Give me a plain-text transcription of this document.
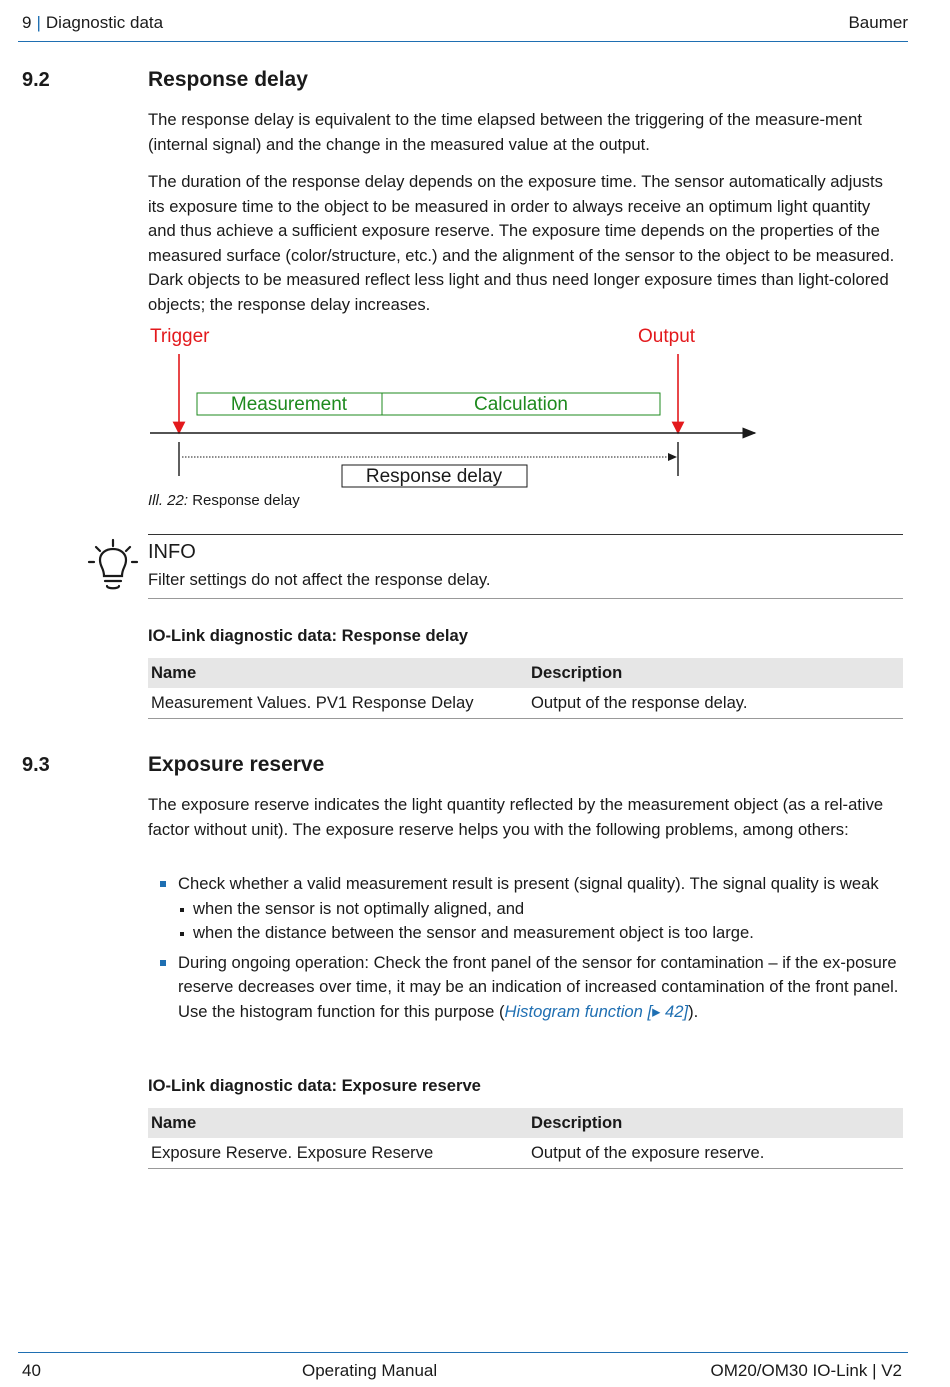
9 | Diagnostic data	Baumer
9.2	Response delay
The response delay is equivalent to the time elapsed between the triggering of the measure-ment (internal signal) and the change in the measured value at the output.
The duration of the response delay depends on the exposure time. The sensor automatically adjusts its exposure time to the object to be measured in order to always receive an optimum light quantity and thus achieve a sufficient exposure reserve. The exposure time depends on the properties of the measured surface (color/structure, etc.) and the alignment of the sensor to the object to be measured. Dark objects to be measured reflect less light and thus need longer exposure times than light-colored objects; the response delay increases.
Trigger	Output
Measurement	Calculation
Response delay
Ill. 22: Response delay
INFO
Filter settings do not affect the response delay.
IO-Link diagnostic data: Response delay
Name	Description
Measurement Values. PV1 Response Delay	Output of the response delay.
9.3	Exposure reserve
The exposure reserve indicates the light quantity reflected by the measurement object (as a rel-ative factor without unit). The exposure reserve helps you with the following problems, among others:
Check whether a valid measurement result is present (signal quality). The signal quality is weak
when the sensor is not optimally aligned, and
when the distance between the sensor and measurement object is too large.
During ongoing operation: Check the front panel of the sensor for contamination – if the ex-posure reserve decreases over time, it may be an indication of increased contamination of the front panel. Use the histogram function for this purpose (Histogram function [▸ 42]).
IO-Link diagnostic data: Exposure reserve
Name	Description
Exposure Reserve. Exposure Reserve	Output of the exposure reserve.
40	Operating Manual	OM20/OM30 IO-Link | V2
